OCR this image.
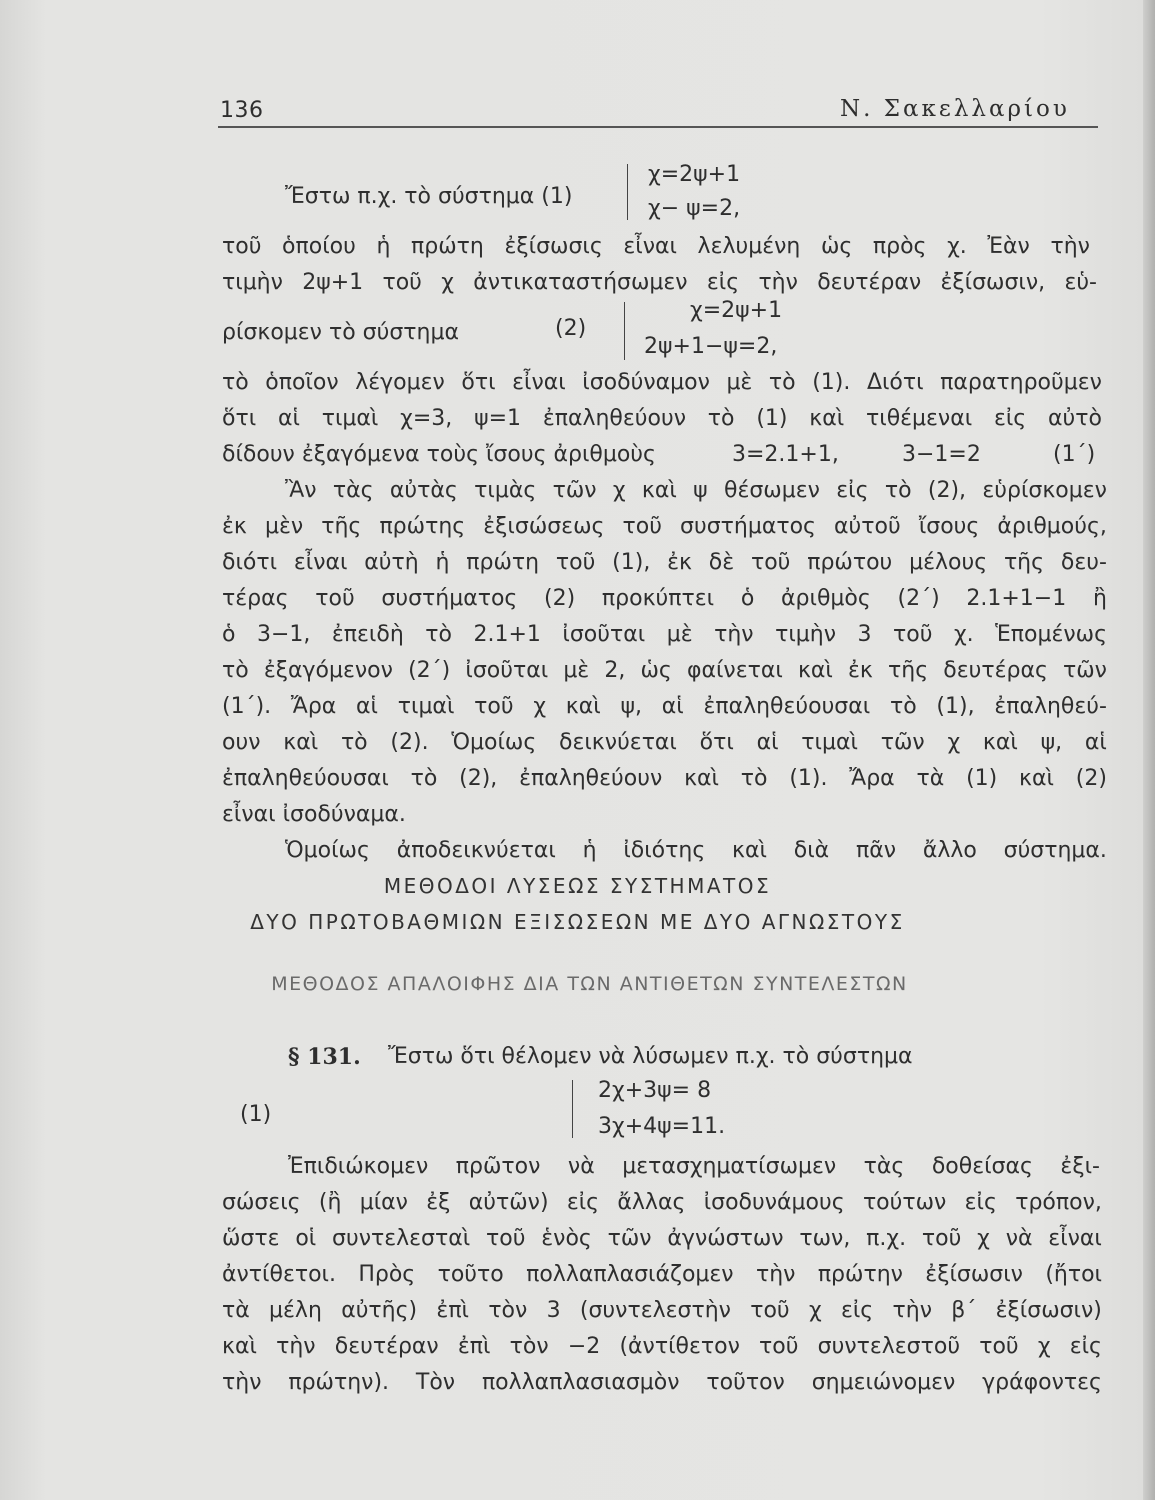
136	Ν. Σακελλαρίου
Ἔστω π.χ. τὸ σύστημα (1)
χ=2ψ+1
χ− ψ=2,
τοῦ ὁποίου ἡ πρώτη ἐξίσωσις εἶναι λελυμένη ὡς πρὸς χ. Ἐὰν τὴν
τιμὴν 2ψ+1 τοῦ χ ἀντικαταστήσωμεν εἰς τὴν δευτέραν ἐξίσωσιν, εὑ-
ρίσκομεν τὸ σύστημα	(2)
χ=2ψ+1
2ψ+1−ψ=2,
τὸ ὁποῖον λέγομεν ὅτι εἶναι ἰσοδύναμον μὲ τὸ (1). Διότι παρατηροῦμεν
ὅτι αἱ τιμαὶ χ=3, ψ=1 ἐπαληθεύουν τὸ (1) καὶ τιθέμεναι εἰς αὐτὸ
δίδουν ἐξαγόμενα τοὺς ἴσους ἀριθμοὺς	3=2.1+1,	3−1=2	(1΄)
Ἂν τὰς αὐτὰς τιμὰς τῶν χ καὶ ψ θέσωμεν εἰς τὸ (2), εὑρίσκομεν
ἐκ μὲν τῆς πρώτης ἐξισώσεως τοῦ συστήματος αὐτοῦ ἴσους ἀριθμούς,
διότι εἶναι αὐτὴ ἡ πρώτη τοῦ (1), ἐκ δὲ τοῦ πρώτου μέλους τῆς δευ-
τέρας τοῦ συστήματος (2) προκύπτει ὁ ἀριθμὸς (2΄) 2.1+1−1 ἢ
ὁ 3−1, ἐπειδὴ τὸ 2.1+1 ἰσοῦται μὲ τὴν τιμὴν 3 τοῦ χ. Ἑπομένως
τὸ ἐξαγόμενον (2΄) ἰσοῦται μὲ 2, ὡς φαίνεται καὶ ἐκ τῆς δευτέρας τῶν
(1΄). Ἄρα αἱ τιμαὶ τοῦ χ καὶ ψ, αἱ ἐπαληθεύουσαι τὸ (1), ἐπαληθεύ-
ουν καὶ τὸ (2). Ὁμοίως δεικνύεται ὅτι αἱ τιμαὶ τῶν χ καὶ ψ, αἱ
ἐπαληθεύουσαι τὸ (2), ἐπαληθεύουν καὶ τὸ (1). Ἄρα τὰ (1) καὶ (2)
εἶναι ἰσοδύναμα.
Ὁμοίως ἀποδεικνύεται ἡ ἰδιότης καὶ διὰ πᾶν ἄλλο σύστημα.
ΜΕΘΟΔΟΙ ΛΥΣΕΩΣ ΣΥΣΤΗΜΑΤΟΣ
ΔΥΟ ΠΡΩΤΟΒΑΘΜΙΩΝ ΕΞΙΣΩΣΕΩΝ ΜΕ ΔΥΟ ΑΓΝΩΣΤΟΥΣ
ΜΕΘΟΔΟΣ ΑΠΑΛΟΙΦΗΣ ΔΙΑ ΤΩΝ ΑΝΤΙΘΕΤΩΝ ΣΥΝΤΕΛΕΣΤΩΝ
§ 131. Ἔστω ὅτι θέλομεν νὰ λύσωμεν π.χ. τὸ σύστημα
(1)
2χ+3ψ= 8
3χ+4ψ=11.
Ἐπιδιώκομεν πρῶτον νὰ μετασχηματίσωμεν τὰς δοθείσας ἐξι-
σώσεις (ἢ μίαν ἐξ αὐτῶν) εἰς ἄλλας ἰσοδυνάμους τούτων εἰς τρόπον,
ὥστε οἱ συντελεσταὶ τοῦ ἑνὸς τῶν ἀγνώστων των, π.χ. τοῦ χ νὰ εἶναι
ἀντίθετοι. Πρὸς τοῦτο πολλαπλασιάζομεν τὴν πρώτην ἐξίσωσιν (ἤτοι
τὰ μέλη αὐτῆς) ἐπὶ τὸν 3 (συντελεστὴν τοῦ χ εἰς τὴν β΄ ἐξίσωσιν)
καὶ τὴν δευτέραν ἐπὶ τὸν −2 (ἀντίθετον τοῦ συντελεστοῦ τοῦ χ εἰς
τὴν πρώτην). Τὸν πολλαπλασιασμὸν τοῦτον σημειώνομεν γράφοντες
